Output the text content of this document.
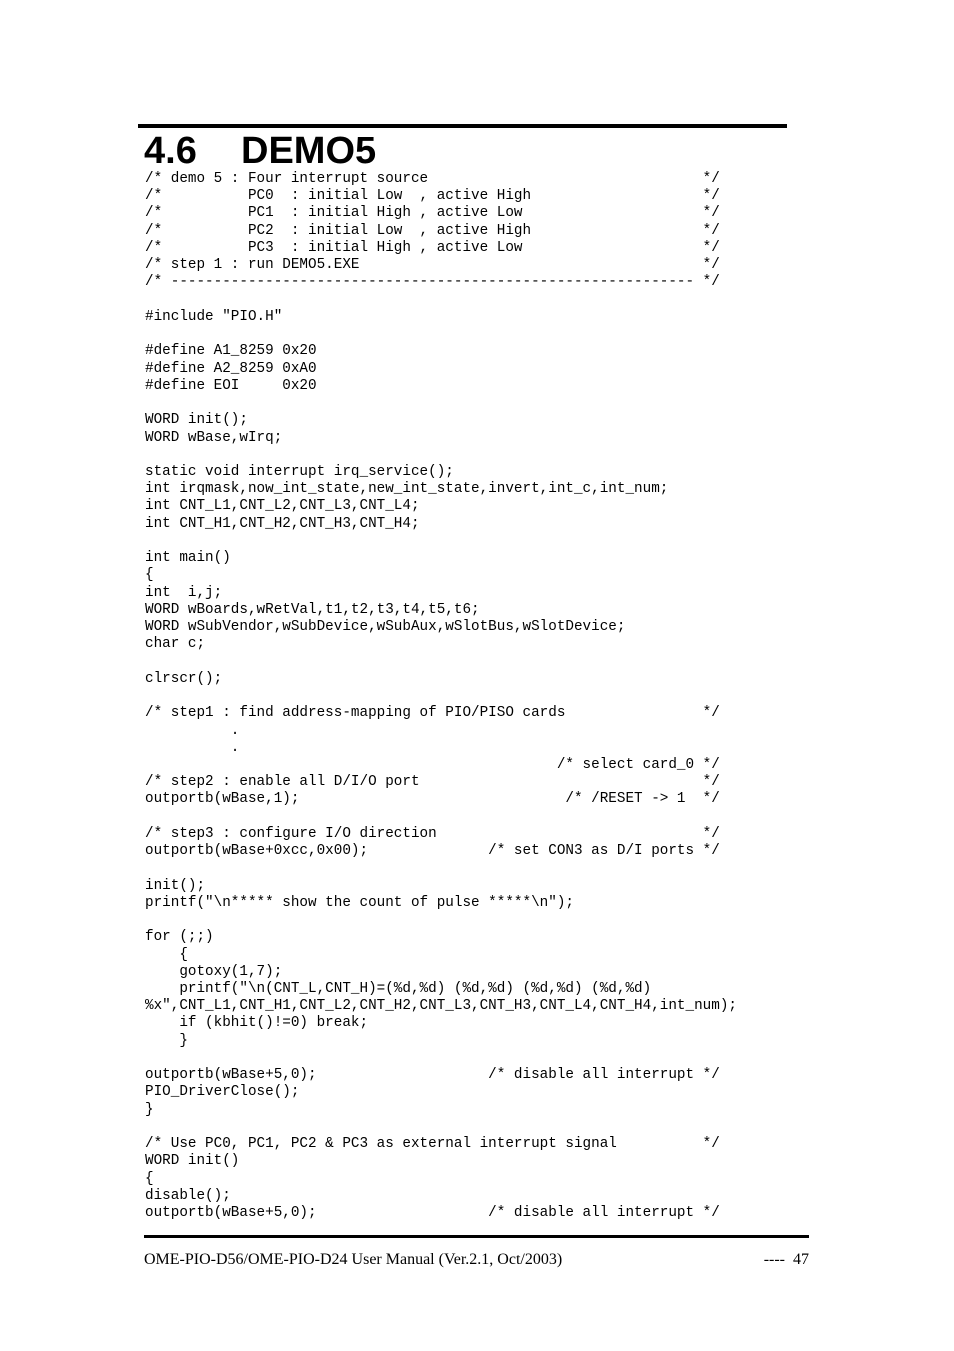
4.6 DEMO5
/* demo 5 : Four interrupt source                                */
/*          PC0  : initial Low  , active High                    */
/*          PC1  : initial High , active Low                     */
/*          PC2  : initial Low  , active High                    */
/*          PC3  : initial High , active Low                     */
/* step 1 : run DEMO5.EXE                                        */
/* ------------------------------------------------------------- */

#include "PIO.H"

#define A1_8259 0x20
#define A2_8259 0xA0
#define EOI     0x20

WORD init();
WORD wBase,wIrq;

static void interrupt irq_service();
int irqmask,now_int_state,new_int_state,invert,int_c,int_num;
int CNT_L1,CNT_L2,CNT_L3,CNT_L4;
int CNT_H1,CNT_H2,CNT_H3,CNT_H4;

int main()
{
int  i,j;
WORD wBoards,wRetVal,t1,t2,t3,t4,t5,t6;
WORD wSubVendor,wSubDevice,wSubAux,wSlotBus,wSlotDevice;
char c;

clrscr();

/* step1 : find address-mapping of PIO/PISO cards                */
.
.
/* select card_0 */
/* step2 : enable all D/I/O port                                 */
outportb(wBase,1);                               /* /RESET -> 1  */

/* step3 : configure I/O direction                               */
outportb(wBase+0xcc,0x00);              /* set CON3 as D/I ports */

init();
printf("\n***** show the count of pulse *****\n");

for (;;)
{
gotoxy(1,7);
printf("\n(CNT_L,CNT_H)=(%d,%d) (%d,%d) (%d,%d) (%d,%d)
%x",CNT_L1,CNT_H1,CNT_L2,CNT_H2,CNT_L3,CNT_H3,CNT_L4,CNT_H4,int_num);
if (kbhit()!=0) break;
}

outportb(wBase+5,0);                    /* disable all interrupt */
PIO_DriverClose();
}

/* Use PC0, PC1, PC2 & PC3 as external interrupt signal          */
WORD init()
{
disable();
outportb(wBase+5,0);                    /* disable all interrupt */
OME-PIO-D56/OME-PIO-D24 User Manual (Ver.2.1, Oct/2003)	----  47
